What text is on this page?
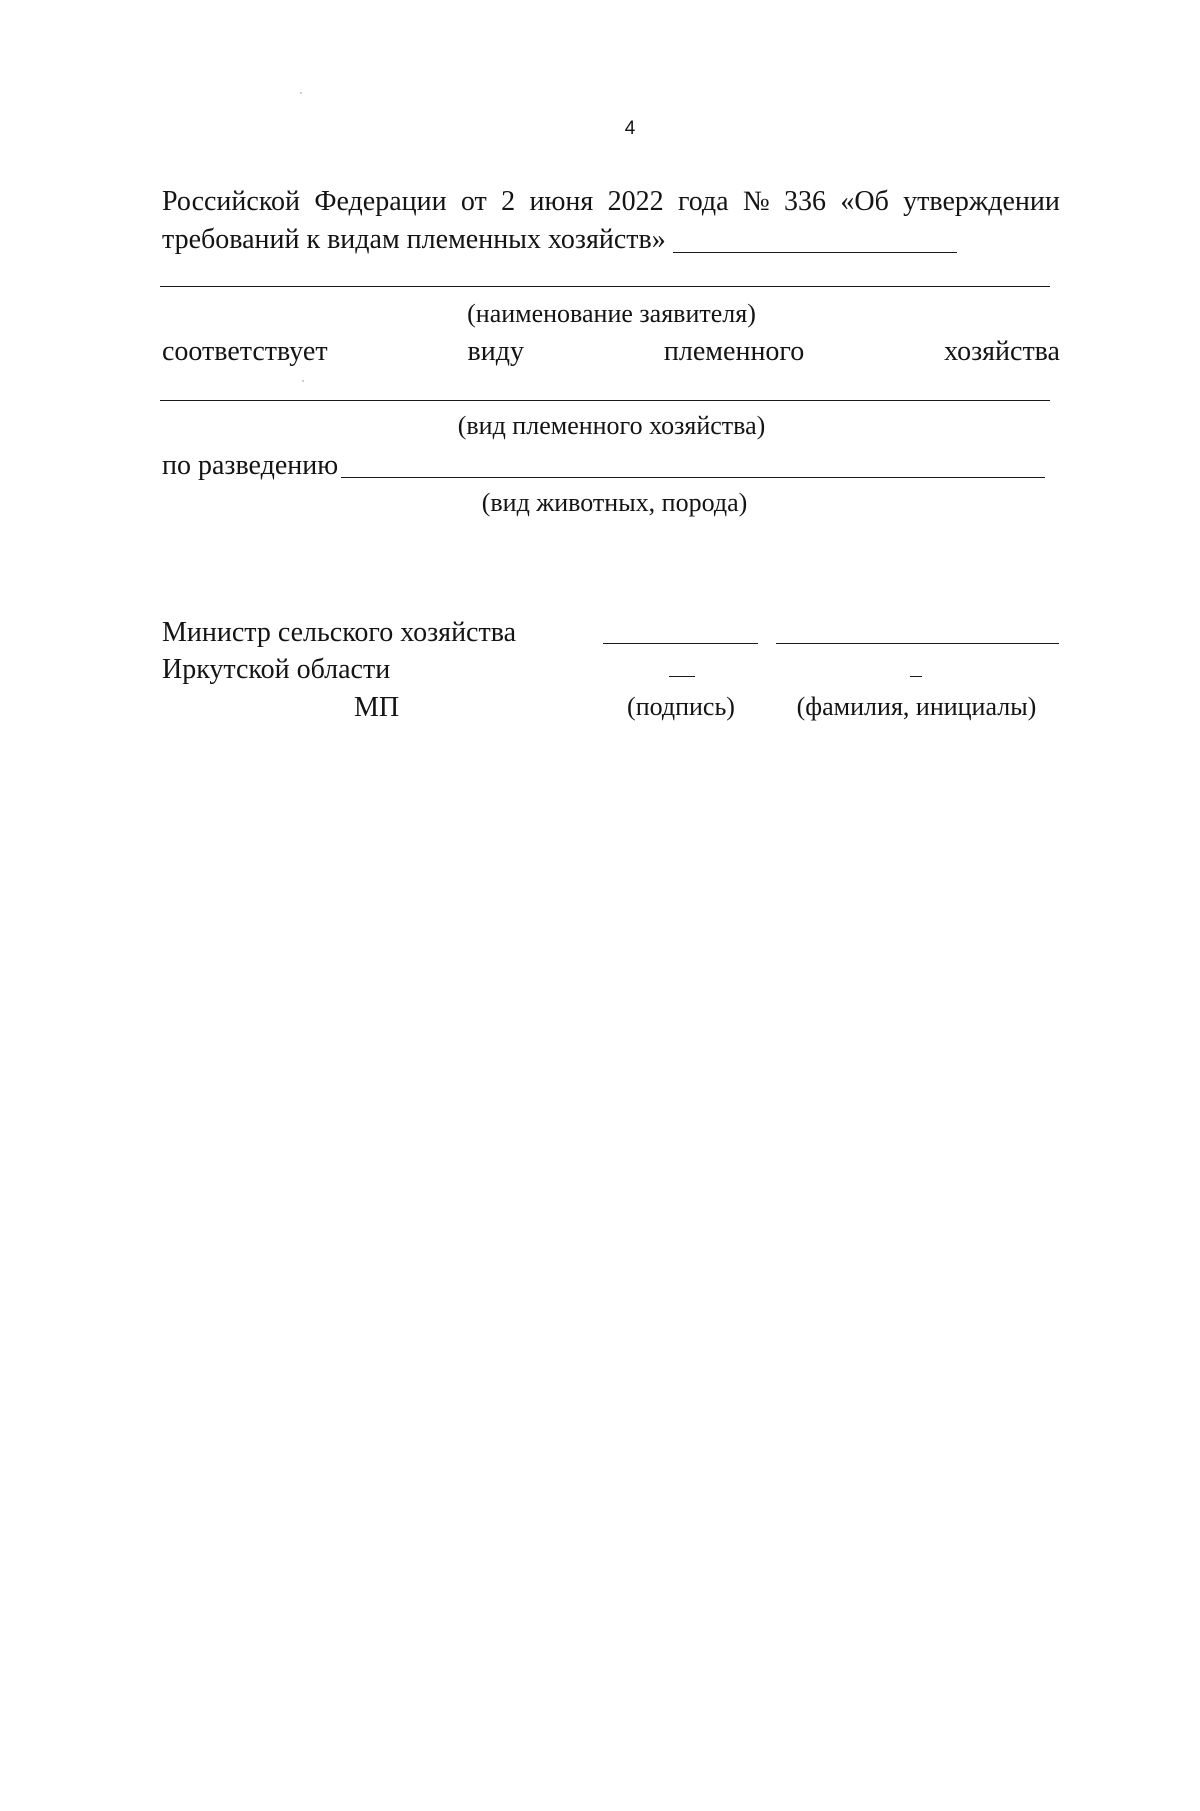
4
Российской Федерации от 2 июня 2022 года № 336 «Об утверждении
требований к видам племенных хозяйств»
(наименование заявителя)
соответствует	виду	племенного	хозяйства
(вид племенного хозяйства)
по разведению
(вид животных, порода)
Министр сельского хозяйства
Иркутской области
МП	(подпись)	(фамилия, инициалы)
